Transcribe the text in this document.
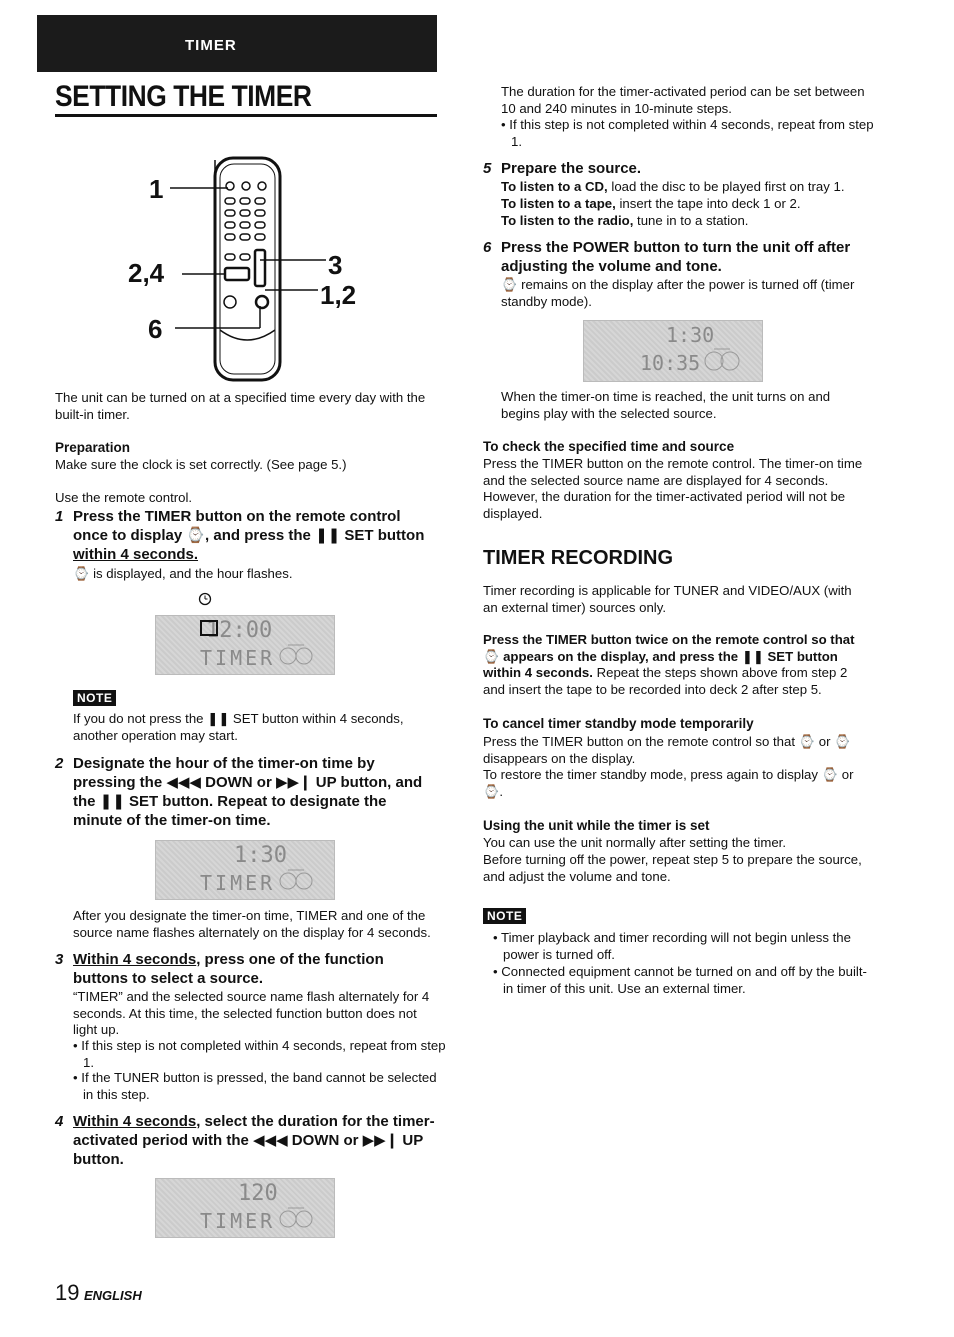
TIMER
SETTING THE TIMER
1
2,4
6
3
1,2

The unit can be turned on at a specified time every day with the built-in timer.

Preparation

Make sure the clock is set correctly. (See page 5.)

Use the remote control.

1 Press the TIMER button on the remote control
once to display ⌚, and press the ❚❚ SET button
within 4 seconds.

⌚ is displayed, and the hour flashes.

12:00
TIMER
NOTE

If you do not press the ❚❚ SET button within 4 seconds, another operation may start.

2 Designate the hour of the timer-on time by pressing the ◀◀◀ DOWN or ▶▶❙ UP button, and the ❚❚ SET button. Repeat to designate the minute of the timer-on time.
1:30
TIMER

After you designate the timer-on time, TIMER and one of the source name flashes alternately on the display for 4 seconds.

3 Within 4 seconds, press one of the function buttons to select a source.

“TIMER” and the selected source name flash alternately for 4 seconds. At this time, the selected function button does not light up.

• If this step is not completed within 4 seconds, repeat from step 1.

• If the TUNER button is pressed, the band cannot be selected in this step.

4 Within 4 seconds, select the duration for the timer-activated period with the ◀◀◀ DOWN or ▶▶❙ UP button.
120
TIMER
19 ENGLISH

The duration for the timer-activated period can be set between 10 and 240 minutes in 10-minute steps.

• If this step is not completed within 4 seconds, repeat from step 1.

5 Prepare the source.

To listen to a CD, load the disc to be played first on tray 1.

To listen to a tape, insert the tape into deck 1 or 2.

To listen to the radio, tune in to a station.

6 Press the POWER button to turn the unit off after adjusting the volume and tone.

⌚ remains on the display after the power is turned off (timer standby mode).

1:30
10:35

When the timer-on time is reached, the unit turns on and begins play with the selected source.

To check the specified time and source

Press the TIMER button on the remote control. The timer-on time and the selected source name are displayed for 4 seconds. However, the duration for the timer-activated period will not be displayed.

TIMER RECORDING

Timer recording is applicable for TUNER and VIDEO/AUX (with an external timer) sources only.

Press the TIMER button twice on the remote control so that ⌚ appears on the display, and press the ❚❚ SET button within 4 seconds. Repeat the steps shown above from step 2 and insert the tape to be recorded into deck 2 after step 5.

To cancel timer standby mode temporarily

Press the TIMER button on the remote control so that ⌚ or ⌚ disappears on the display.

To restore the timer standby mode, press again to display ⌚ or ⌚.

Using the unit while the timer is set

You can use the unit normally after setting the timer.

Before turning off the power, repeat step 5 to prepare the source, and adjust the volume and tone.

NOTE

• Timer playback and timer recording will not begin unless the power is turned off.

• Connected equipment cannot be turned on and off by the built-in timer of this unit. Use an external timer.
